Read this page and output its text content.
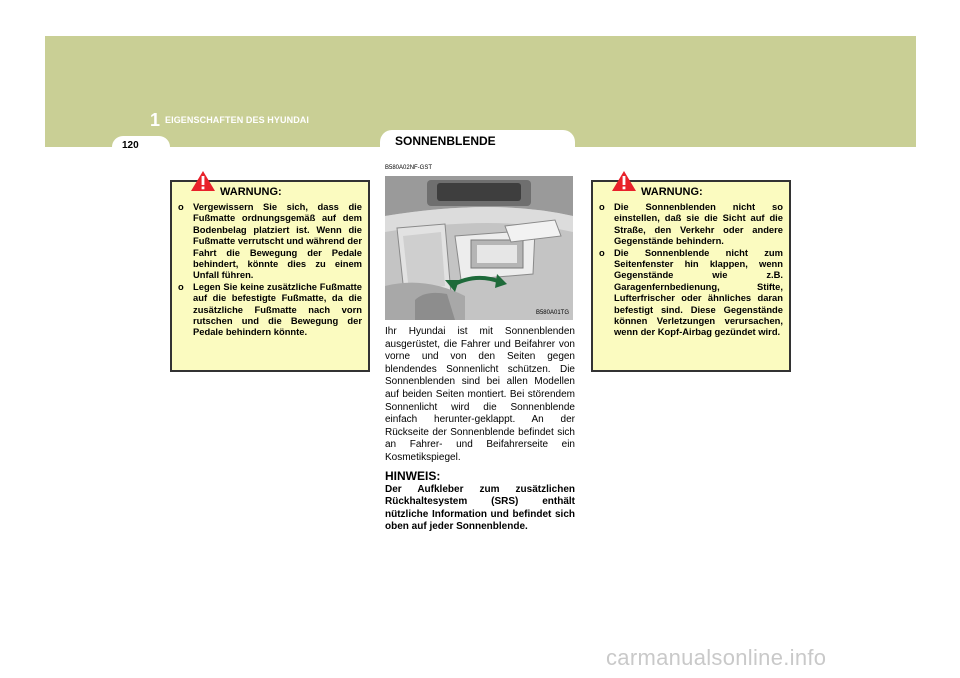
1 EIGENSCHAFTEN DES HYUNDAI
120	SONNENBLENDE
WARNUNG:
o Vergewissern Sie sich, dass die Fußmatte ordnungsgemäß auf dem Bodenbelag platziert ist. Wenn die Fußmatte verrutscht und während der Fahrt die Bewegung der Pedale behindert, könnte dies zu einem Unfall führen.
o Legen Sie keine zusätzliche Fußmatte auf die befestigte Fußmatte, da die zusätzliche Fußmatte nach vorn rutschen und die Bewegung der Pedale behindern könnte.
B580A02NF-GST
B580A01TG

Ihr Hyundai ist mit Sonnenblenden ausgerüstet, die Fahrer und Beifahrer von vorne und von den Seiten gegen blendendes Sonnenlicht schützen. Die Sonnenblenden sind bei allen Modellen auf beiden Seiten montiert. Bei störendem Sonnenlicht wird die Sonnenblende einfach herunter-geklappt. An der Rückseite der Sonnenblende befindet sich an Fahrer- und Beifahrerseite ein Kosmetikspiegel.

HINWEIS:

Der Aufkleber zum zusätzlichen Rückhaltesystem (SRS) enthält nützliche Information und befindet sich oben auf jeder Sonnenblende.

WARNUNG:
o Die Sonnenblenden nicht so einstellen, daß sie die Sicht auf die Straße, den Verkehr oder andere Gegenstände behindern.
o Die Sonnenblende nicht zum Seitenfenster hin klappen, wenn Gegenstände wie z.B. Garagenfernbedienung, Stifte, Lufterfrischer oder ähnliches daran befestigt sind. Diese Gegenstände können Verletzungen verursachen, wenn der Kopf-Airbag gezündet wird.
carmanualsonline.info
